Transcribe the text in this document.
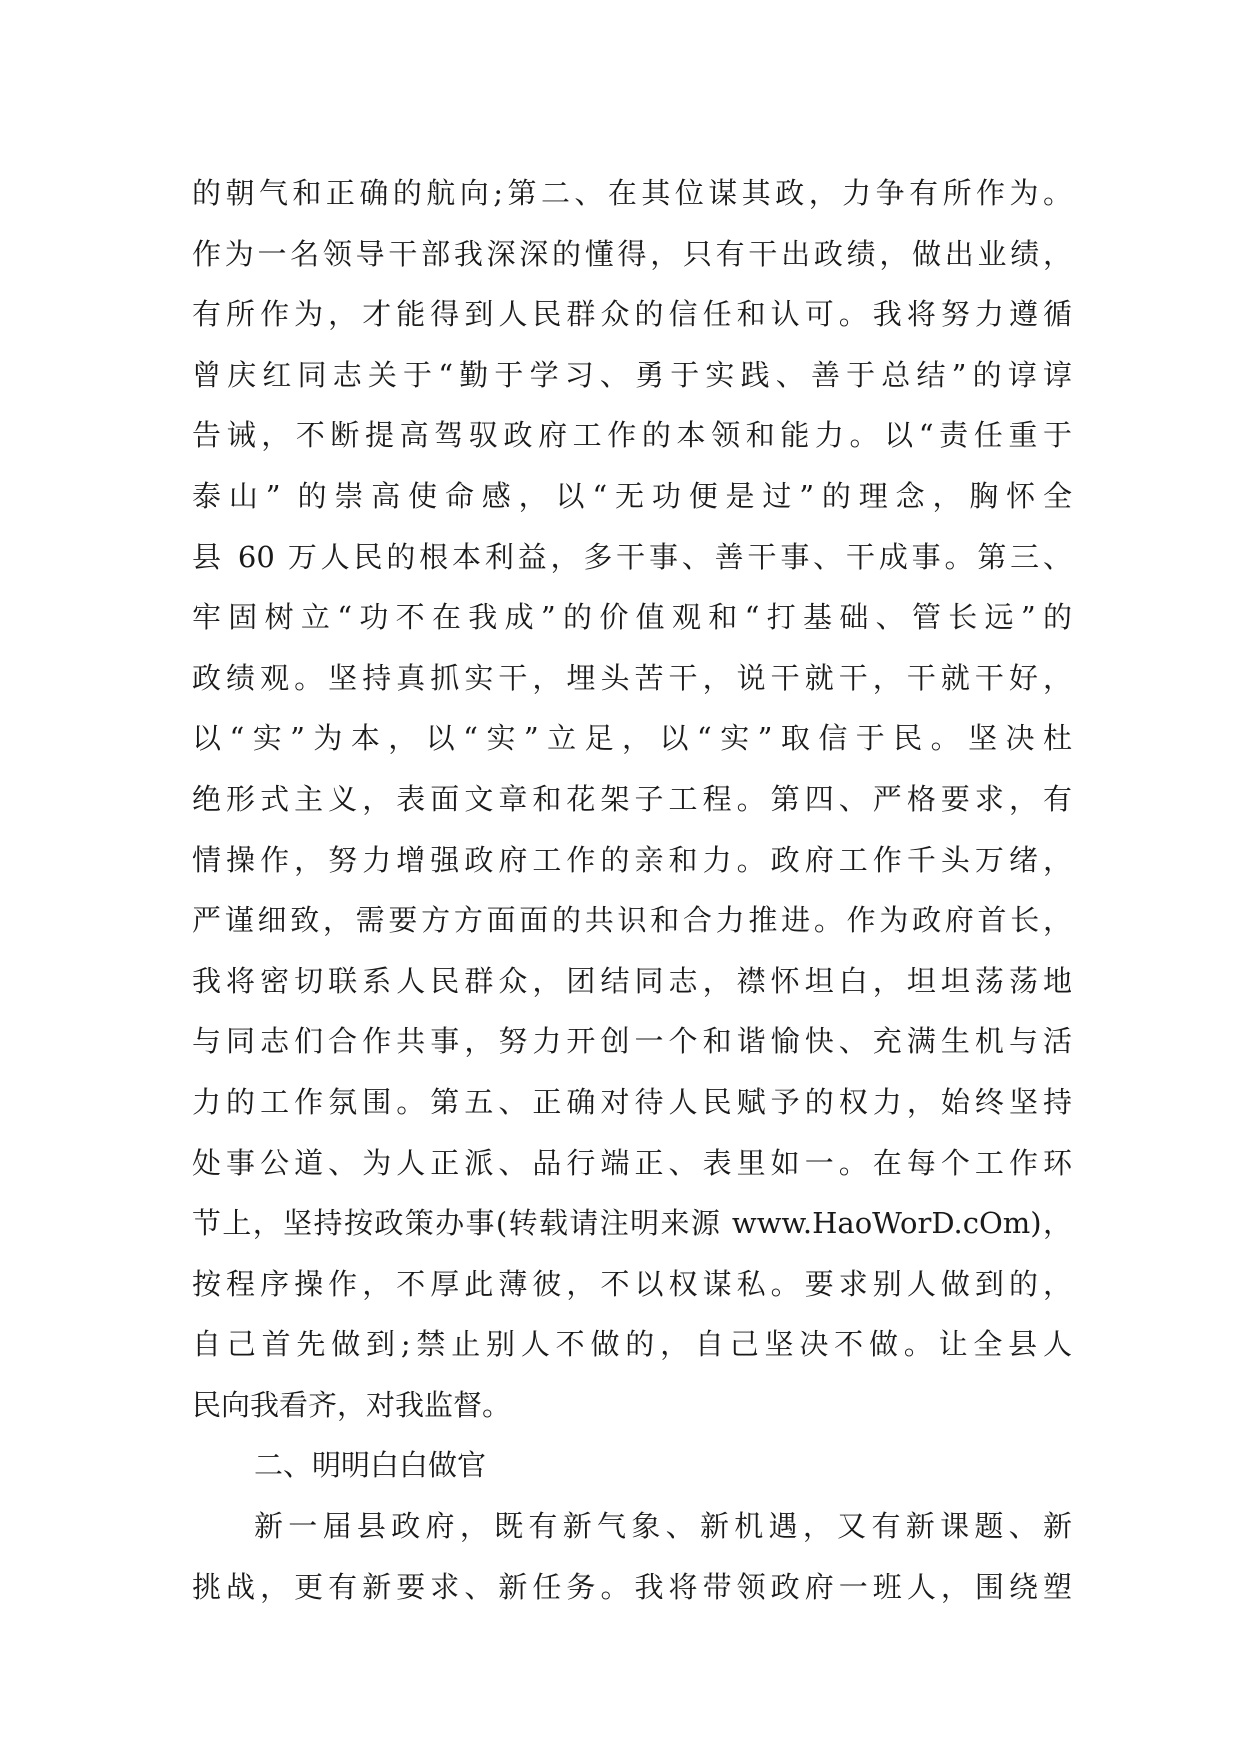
的朝气和正确的航向;第二、在其位谋其政，力争有所作为。
作为一名领导干部我深深的懂得，只有干出政绩，做出业绩，
有所作为，才能得到人民群众的信任和认可。我将努力遵循
曾庆红同志关于“勤于学习、勇于实践、善于总结”的谆谆
告诫，不断提高驾驭政府工作的本领和能力。以“责任重于
泰山” 的崇高使命感，以“无功便是过”的理念，胸怀全
县 60 万人民的根本利益，多干事、善干事、干成事。第三、
牢固树立“功不在我成”的价值观和“打基础、管长远”的
政绩观。坚持真抓实干，埋头苦干，说干就干，干就干好，
以“实”为本，以“实”立足，以“实”取信于民。坚决杜
绝形式主义，表面文章和花架子工程。第四、严格要求，有
情操作，努力增强政府工作的亲和力。政府工作千头万绪，
严谨细致，需要方方面面的共识和合力推进。作为政府首长，
我将密切联系人民群众，团结同志，襟怀坦白，坦坦荡荡地
与同志们合作共事，努力开创一个和谐愉快、充满生机与活
力的工作氛围。第五、正确对待人民赋予的权力，始终坚持
处事公道、为人正派、品行端正、表里如一。在每个工作环
节上，坚持按政策办事(转载请注明来源 www.HaoWorD.cOm)，
按程序操作，不厚此薄彼，不以权谋私。要求别人做到的，
自己首先做到;禁止别人不做的，自己坚决不做。让全县人
民向我看齐，对我监督。
二、明明白白做官
新一届县政府，既有新气象、新机遇，又有新课题、新
挑战，更有新要求、新任务。我将带领政府一班人，围绕塑
